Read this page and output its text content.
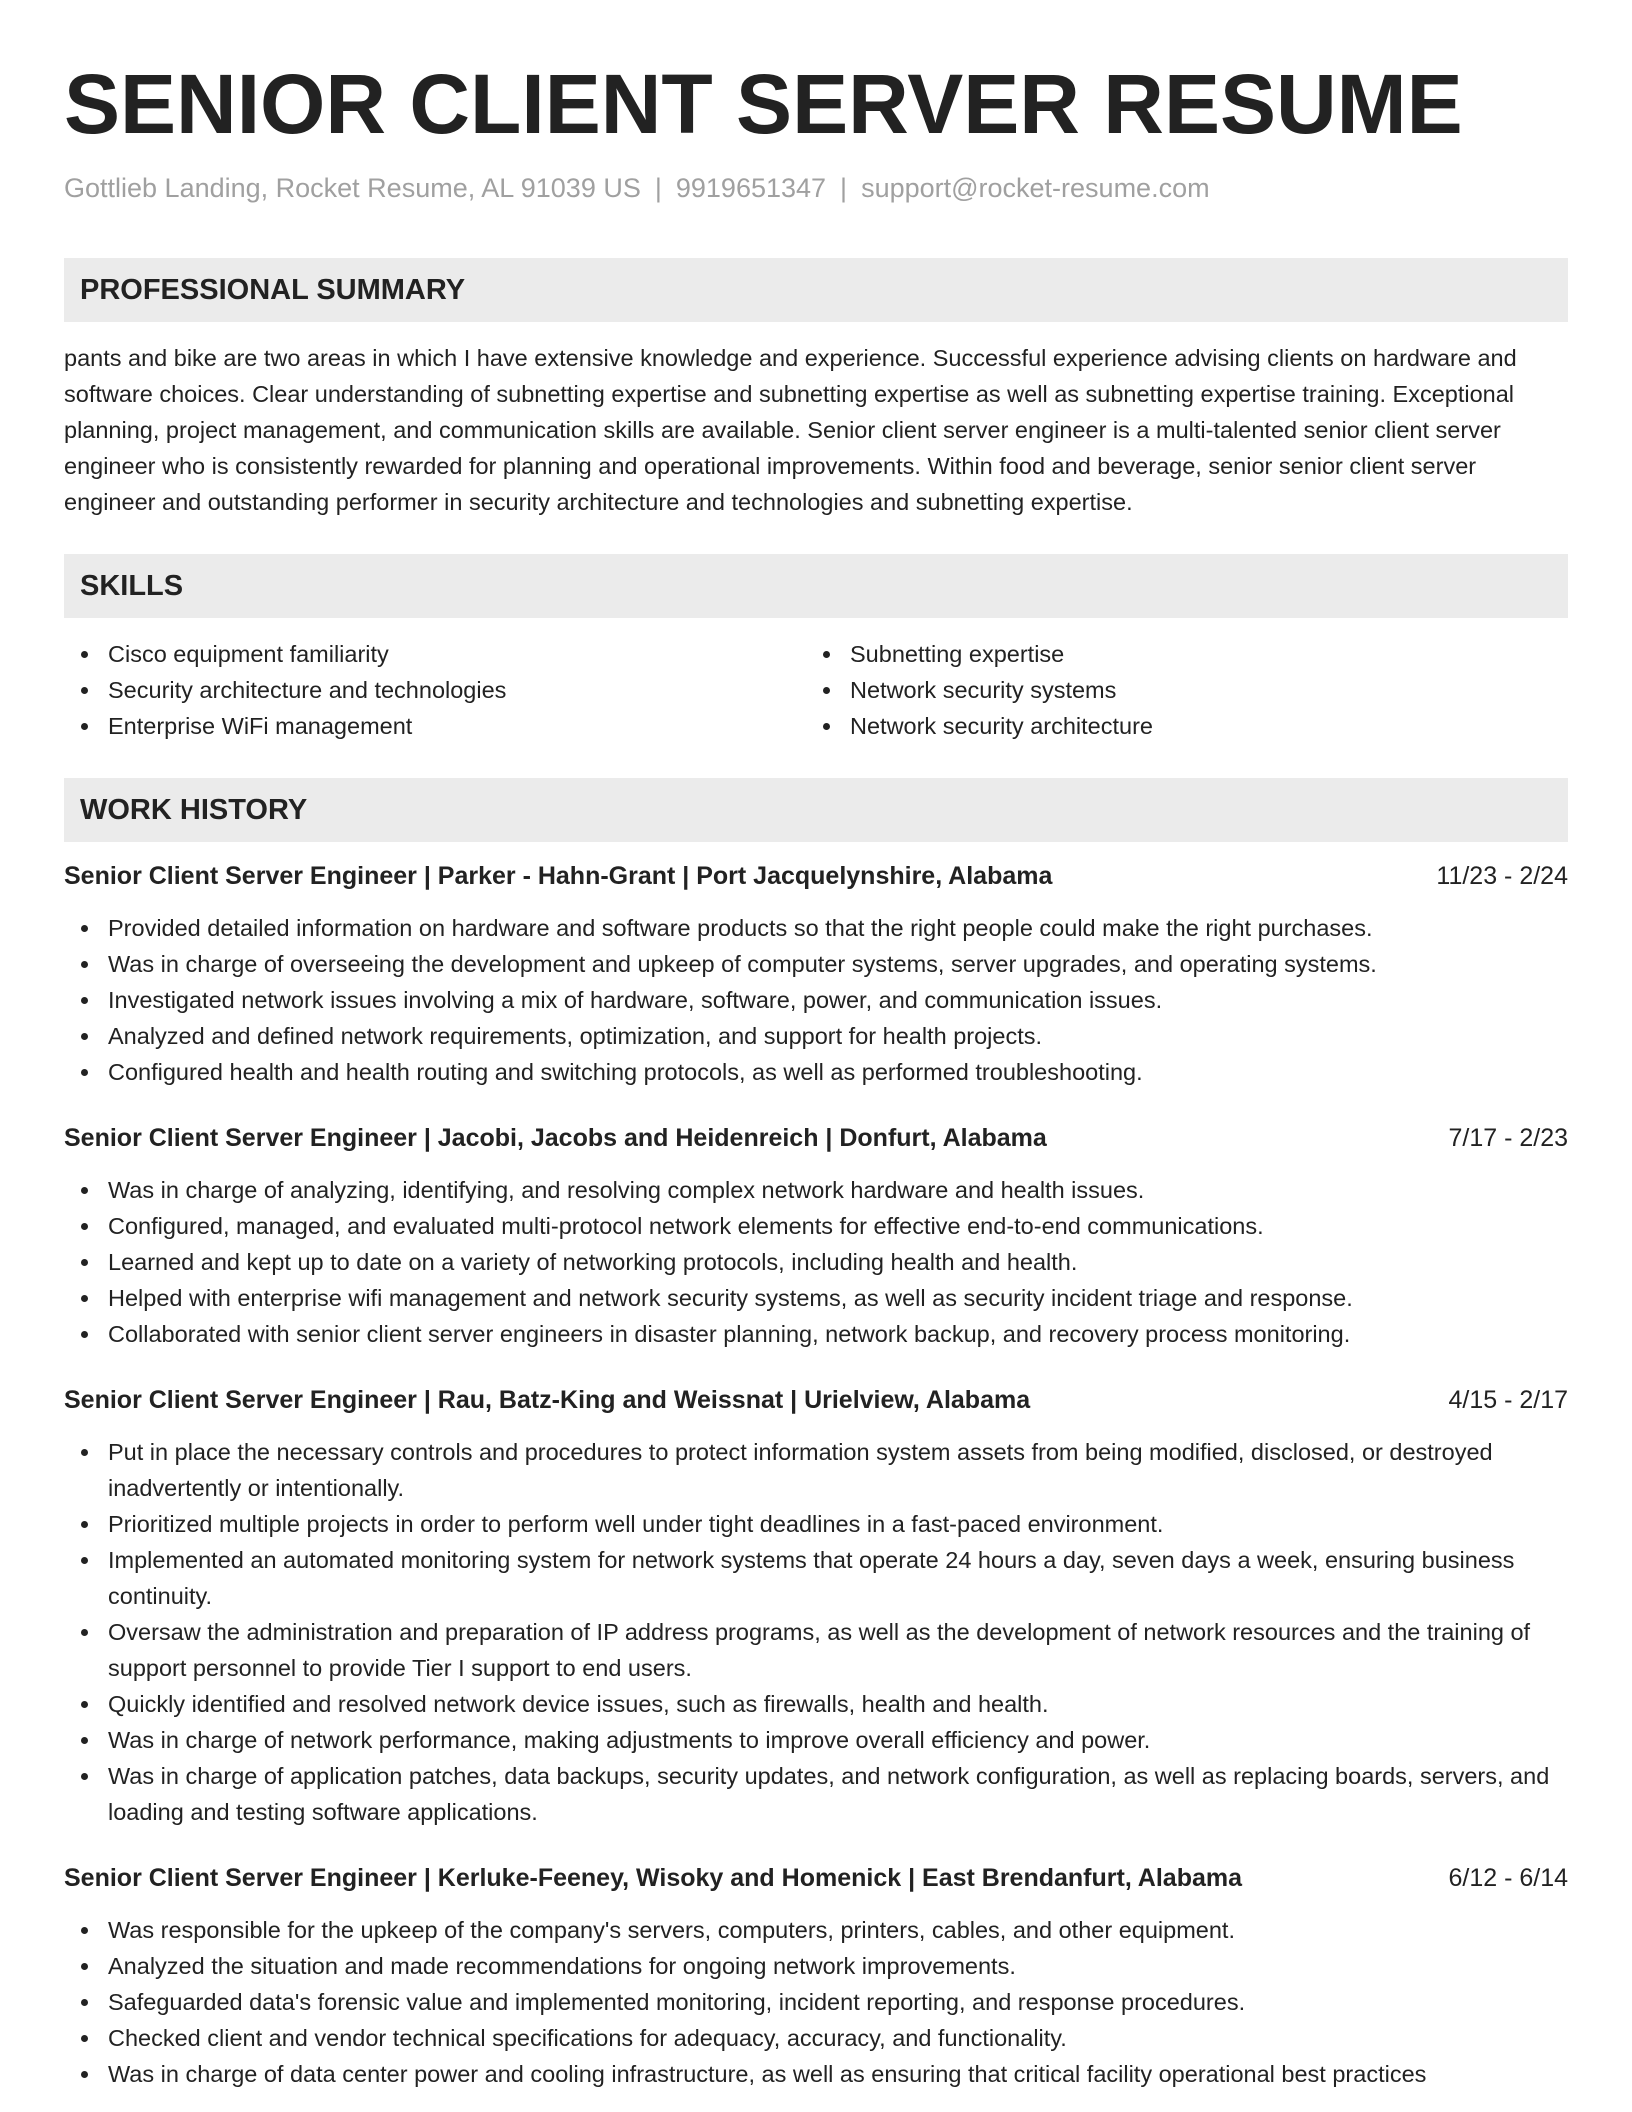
SENIOR CLIENT SERVER RESUME
Gottlieb Landing, Rocket Resume, AL 91039 US | 9919651347 | support@rocket-resume.com
PROFESSIONAL SUMMARY

pants and bike are two areas in which I have extensive knowledge and experience. Successful experience advising clients on hardware and software choices. Clear understanding of subnetting expertise and subnetting expertise as well as subnetting expertise training. Exceptional planning, project management, and communication skills are available. Senior client server engineer is a multi-talented senior client server engineer who is consistently rewarded for planning and operational improvements. Within food and beverage, senior senior client server engineer and outstanding performer in security architecture and technologies and subnetting expertise.

SKILLS
Cisco equipment familiarity
Security architecture and technologies
Enterprise WiFi management
Subnetting expertise
Network security systems
Network security architecture
WORK HISTORY
Senior Client Server Engineer | Parker - Hahn-Grant | Port Jacquelynshire, Alabama	11/23 - 2/24
Provided detailed information on hardware and software products so that the right people could make the right purchases.
Was in charge of overseeing the development and upkeep of computer systems, server upgrades, and operating systems.
Investigated network issues involving a mix of hardware, software, power, and communication issues.
Analyzed and defined network requirements, optimization, and support for health projects.
Configured health and health routing and switching protocols, as well as performed troubleshooting.
Senior Client Server Engineer | Jacobi, Jacobs and Heidenreich | Donfurt, Alabama	7/17 - 2/23
Was in charge of analyzing, identifying, and resolving complex network hardware and health issues.
Configured, managed, and evaluated multi-protocol network elements for effective end-to-end communications.
Learned and kept up to date on a variety of networking protocols, including health and health.
Helped with enterprise wifi management and network security systems, as well as security incident triage and response.
Collaborated with senior client server engineers in disaster planning, network backup, and recovery process monitoring.
Senior Client Server Engineer | Rau, Batz-King and Weissnat | Urielview, Alabama	4/15 - 2/17
Put in place the necessary controls and procedures to protect information system assets from being modified, disclosed, or destroyed inadvertently or intentionally.
Prioritized multiple projects in order to perform well under tight deadlines in a fast-paced environment.
Implemented an automated monitoring system for network systems that operate 24 hours a day, seven days a week, ensuring business continuity.
Oversaw the administration and preparation of IP address programs, as well as the development of network resources and the training of support personnel to provide Tier I support to end users.
Quickly identified and resolved network device issues, such as firewalls, health and health.
Was in charge of network performance, making adjustments to improve overall efficiency and power.
Was in charge of application patches, data backups, security updates, and network configuration, as well as replacing boards, servers, and loading and testing software applications.
Senior Client Server Engineer | Kerluke-Feeney, Wisoky and Homenick | East Brendanfurt, Alabama	6/12 - 6/14
Was responsible for the upkeep of the company's servers, computers, printers, cables, and other equipment.
Analyzed the situation and made recommendations for ongoing network improvements.
Safeguarded data's forensic value and implemented monitoring, incident reporting, and response procedures.
Checked client and vendor technical specifications for adequacy, accuracy, and functionality.
Was in charge of data center power and cooling infrastructure, as well as ensuring that critical facility operational best practices
